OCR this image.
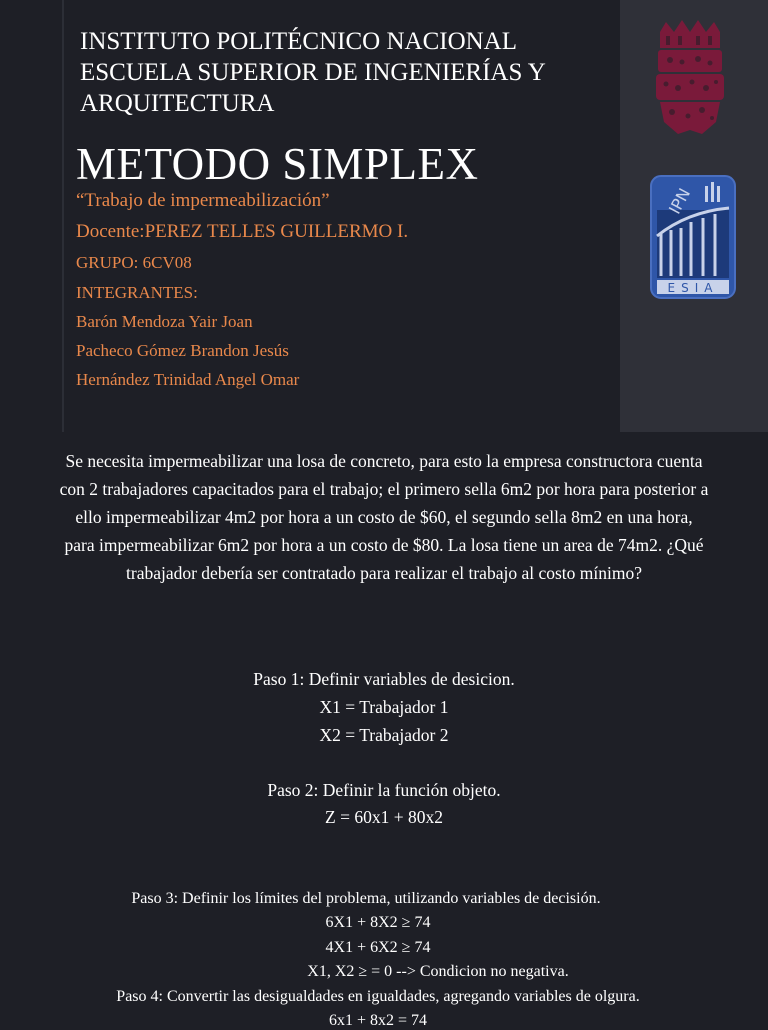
INSTITUTO POLITÉCNICO NACIONAL
ESCUELA SUPERIOR DE INGENIERÍAS Y
ARQUITECTURA
METODO SIMPLEX
“Trabajo de impermeabilización”
Docente:PEREZ TELLES GUILLERMO I.
GRUPO: 6CV08
INTEGRANTES:
Barón Mendoza Yair Joan
Pacheco Gómez Brandon Jesús
Hernández Trinidad Angel Omar
IPN
ESIA
Se necesita impermeabilizar una losa de concreto, para esto la empresa constructora cuenta
con 2 trabajadores capacitados para el trabajo; el primero sella 6m2 por hora para posterior a
ello impermeabilizar 4m2 por hora a un costo de $60, el segundo sella 8m2 en una hora,
para impermeabilizar 6m2 por hora a un costo de $80. La losa tiene un area de 74m2. ¿Qué
trabajador debería ser contratado para realizar el trabajo al costo mínimo?
Paso 1: Definir variables de desicion.
X1 = Trabajador 1
X2 = Trabajador 2
Paso 2: Definir la función objeto.
Z = 60x1 + 80x2
Paso 3: Definir los límites del problema, utilizando variables de decisión.
6X1 + 8X2 ≥ 74
4X1 + 6X2 ≥ 74
X1, X2 ≥ = 0 --> Condicion no negativa.
Paso 4: Convertir las desigualdades en igualdades, agregando variables de olgura.
6x1 + 8x2 = 74
